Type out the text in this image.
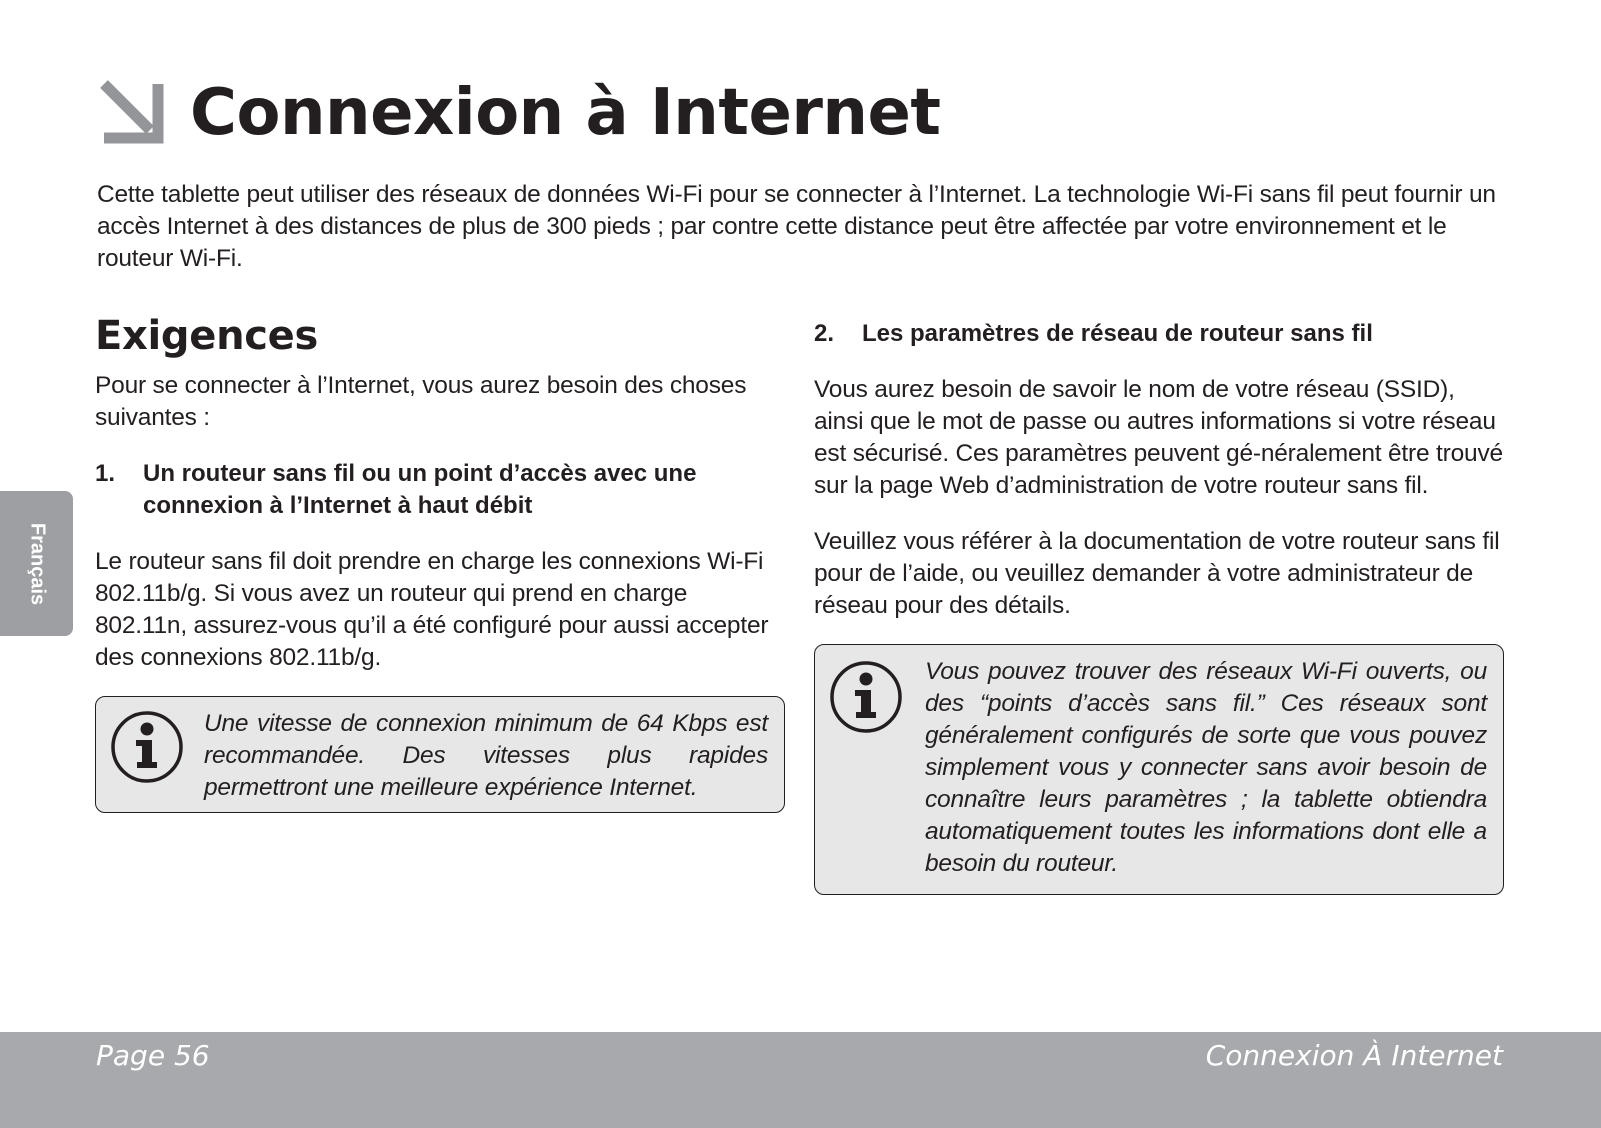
Connexion à Internet

Cette tablette peut utiliser des réseaux de données Wi-Fi pour se connecter à l’Internet. La technologie Wi-Fi sans fil peut fournir un accès Internet à des distances de plus de 300 pieds ; par contre cette distance peut être affectée par votre environnement et le routeur Wi-Fi.

Exigences

Pour se connecter à l’Internet, vous aurez besoin des choses suivantes :

1.	Un routeur sans fil ou un point d’accès avec une connexion à l’Internet à haut débit

Le routeur sans fil doit prendre en charge les connexions Wi-Fi 802.11b/g. Si vous avez un routeur qui prend en charge 802.11n, assurez-vous qu’il a été configuré pour aussi accepter des connexions 802.11b/g.

Une vitesse de connexion minimum de 64 Kbps est recommandée. Des vitesses plus rapides permettront une meilleure expérience Internet.

2.	Les paramètres de réseau de routeur sans fil

Vous aurez besoin de savoir le nom de votre réseau (SSID), ainsi que le mot de passe ou autres informations si votre réseau est sécurisé. Ces paramètres peuvent gé-néralement être trouvé sur la page Web d’administration de votre routeur sans fil.

Veuillez vous référer à la documentation de votre routeur sans fil pour de l’aide, ou veuillez demander à votre administrateur de réseau pour des détails.

Vous pouvez trouver des réseaux Wi-Fi ouverts, ou des “points d’accès sans fil.” Ces réseaux sont généralement configurés de sorte que vous pouvez simplement vous y connecter sans avoir besoin de connaître leurs paramètres ; la tablette obtiendra automatiquement toutes les informations dont elle a besoin du routeur.

Français
Page 56	Connexion À Internet
